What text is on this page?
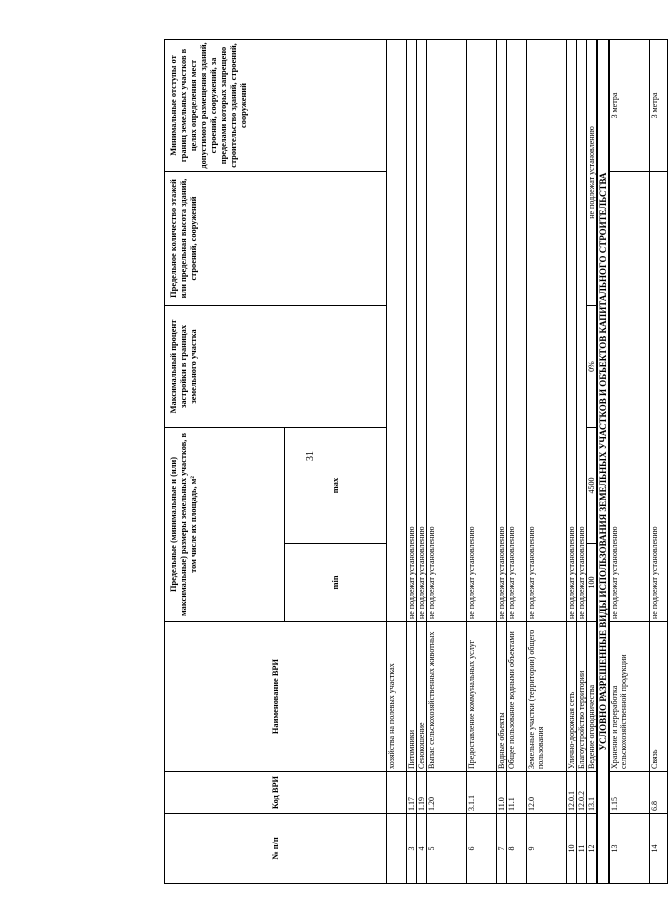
31
№ п/п	Код ВРИ	Наименование ВРИ	Предельные (минимальные и (или) максимальные) размеры земельных участков, в том числе их площадь, м²		Максимальный процент застройки в границах земельного участка	Предельное количество этажей или предельная высота зданий, строений, сооружений	Минимальные отступы от границ земельных участков в целях определения мест допустимого размещения зданий, строений, сооружений, за пределами которых запрещено строительство зданий, строений, сооружений
			min	max			
		хозяйства на полевых участках					
3	1.17	Питомники	не подлежат установлению				
4	1.19	Сенокошение	не подлежат установлению				
5	1.20	Выпас сельскохозяйственных животных	не подлежат установлению				
6	3.1.1	Предоставление коммунальных услуг	не подлежат установлению				
7	11.0	Водные объекты	не подлежат установлению				
8	11.1	Общее пользование водными объектами	не подлежат установлению				
9	12.0	Земельные участки (территории) общего пользования	не подлежат установлению				
10	12.0.1	Улично-дорожная сеть	не подлежат установлению				
11	12.0.2	Благоустройство территории	не подлежат установлению				
12	13.1	Ведение огородничества	100	4500	0%	не подлежат установлению	
УСЛОВНО РАЗРЕШЕННЫЕ ВИДЫ ИСПОЛЬЗОВАНИЯ ЗЕМЕЛЬНЫХ УЧАСТКОВ И ОБЪЕКТОВ КАПИТАЛЬНОГО СТРОИТЕЛЬСТВА							
13	1.15	Хранение и переработка сельскохозяйственной продукции	не подлежат установлению				3 метра
14	6.8	Связь	не подлежат установлению				3 метра
